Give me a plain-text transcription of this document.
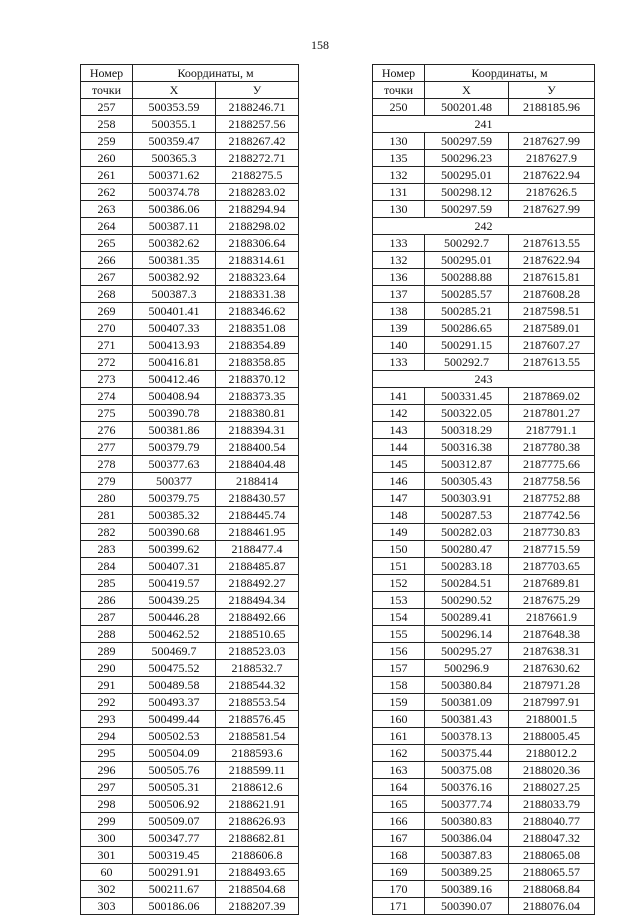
158
Номер	Координаты, м	
точки	X	У
257	500353.59	2188246.71
258	500355.1	2188257.56
259	500359.47	2188267.42
260	500365.3	2188272.71
261	500371.62	2188275.5
262	500374.78	2188283.02
263	500386.06	2188294.94
264	500387.11	2188298.02
265	500382.62	2188306.64
266	500381.35	2188314.61
267	500382.92	2188323.64
268	500387.3	2188331.38
269	500401.41	2188346.62
270	500407.33	2188351.08
271	500413.93	2188354.89
272	500416.81	2188358.85
273	500412.46	2188370.12
274	500408.94	2188373.35
275	500390.78	2188380.81
276	500381.86	2188394.31
277	500379.79	2188400.54
278	500377.63	2188404.48
279	500377	2188414
280	500379.75	2188430.57
281	500385.32	2188445.74
282	500390.68	2188461.95
283	500399.62	2188477.4
284	500407.31	2188485.87
285	500419.57	2188492.27
286	500439.25	2188494.34
287	500446.28	2188492.66
288	500462.52	2188510.65
289	500469.7	2188523.03
290	500475.52	2188532.7
291	500489.58	2188544.32
292	500493.37	2188553.54
293	500499.44	2188576.45
294	500502.53	2188581.54
295	500504.09	2188593.6
296	500505.76	2188599.11
297	500505.31	2188612.6
298	500506.92	2188621.91
299	500509.07	2188626.93
300	500347.77	2188682.81
301	500319.45	2188606.8
60	500291.91	2188493.65
302	500211.67	2188504.68
303	500186.06	2188207.39
Номер	Координаты, м	
точки	X	У
250	500201.48	2188185.96
241		
130	500297.59	2187627.99
135	500296.23	2187627.9
132	500295.01	2187622.94
131	500298.12	2187626.5
130	500297.59	2187627.99
242		
133	500292.7	2187613.55
132	500295.01	2187622.94
136	500288.88	2187615.81
137	500285.57	2187608.28
138	500285.21	2187598.51
139	500286.65	2187589.01
140	500291.15	2187607.27
133	500292.7	2187613.55
243		
141	500331.45	2187869.02
142	500322.05	2187801.27
143	500318.29	2187791.1
144	500316.38	2187780.38
145	500312.87	2187775.66
146	500305.43	2187758.56
147	500303.91	2187752.88
148	500287.53	2187742.56
149	500282.03	2187730.83
150	500280.47	2187715.59
151	500283.18	2187703.65
152	500284.51	2187689.81
153	500290.52	2187675.29
154	500289.41	2187661.9
155	500296.14	2187648.38
156	500295.27	2187638.31
157	500296.9	2187630.62
158	500380.84	2187971.28
159	500381.09	2187997.91
160	500381.43	2188001.5
161	500378.13	2188005.45
162	500375.44	2188012.2
163	500375.08	2188020.36
164	500376.16	2188027.25
165	500377.74	2188033.79
166	500380.83	2188040.77
167	500386.04	2188047.32
168	500387.83	2188065.08
169	500389.25	2188065.57
170	500389.16	2188068.84
171	500390.07	2188076.04
